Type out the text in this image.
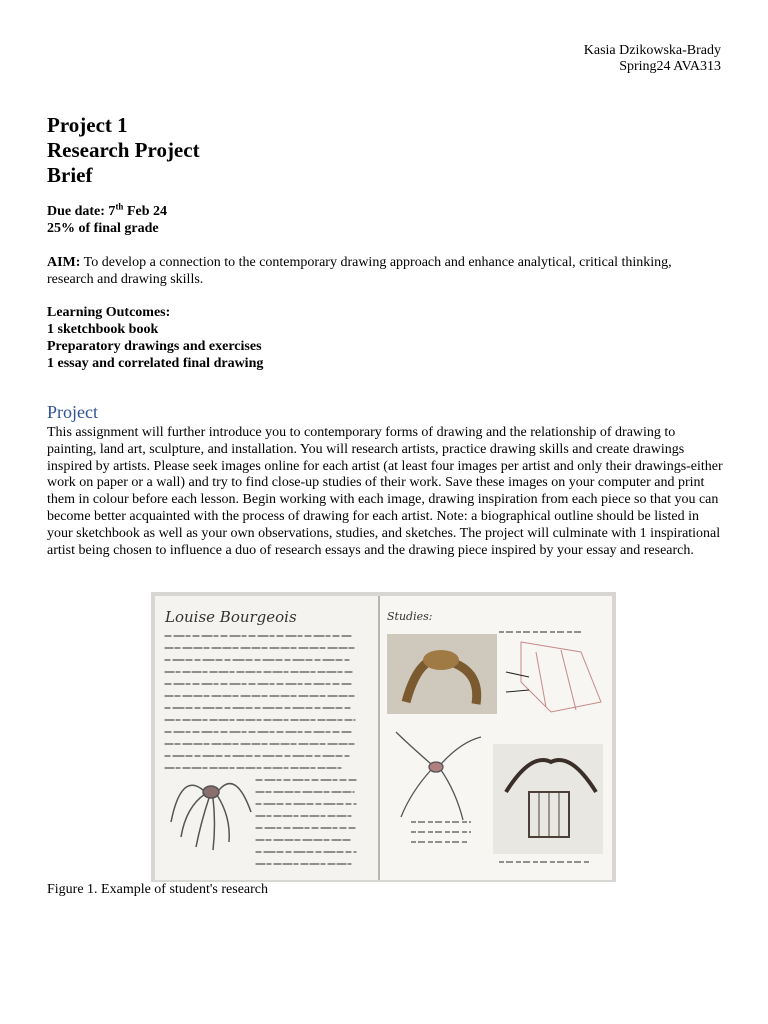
Kasia Dzikowska-Brady
Spring24 AVA313
Project 1
Research Project
Brief
Due date: 7th Feb 24
25% of final grade
AIM: To develop a connection to the contemporary drawing approach and enhance analytical, critical thinking, research and drawing skills.
Learning Outcomes:
1 sketchbook book
Preparatory drawings and exercises
1 essay and correlated final drawing
Project
This assignment will further introduce you to contemporary forms of drawing and the relationship of drawing to painting, land art, sculpture, and installation. You will research artists, practice drawing skills and create drawings inspired by artists. Please seek images online for each artist (at least four images per artist and only their drawings-either work on paper or a wall) and try to find close-up studies of their work. Save these images on your computer and print them in colour before each lesson. Begin working with each image, drawing inspiration from each piece so that you can become better acquainted with the process of drawing for each artist. Note: a biographical outline should be listed in your sketchbook as well as your own observations, studies, and sketches. The project will culminate with 1 inspirational artist being chosen to influence a duo of research essays and the drawing piece inspired by your essay and research.
Louise Bourgeois	Studies:
Figure 1. Example of student's research
